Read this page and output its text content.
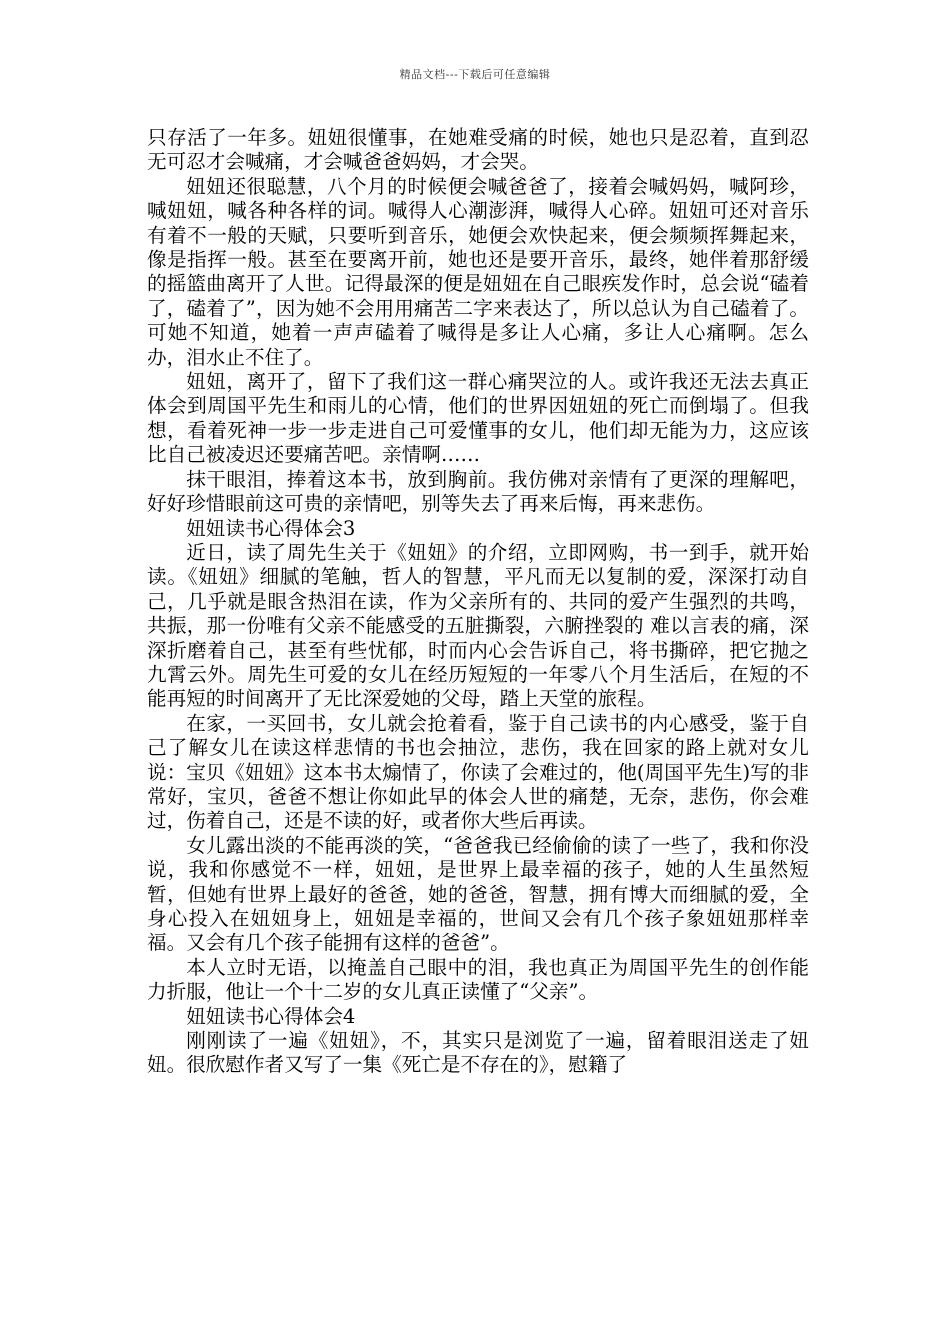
精品文档---下载后可任意编辑

只存活了一年多。妞妞很懂事，在她难受痛的时候，她也只是忍着，直到忍无可忍才会喊痛，才会喊爸爸妈妈，才会哭。

妞妞还很聪慧，八个月的时候便会喊爸爸了，接着会喊妈妈，喊阿珍，喊妞妞，喊各种各样的词。喊得人心潮澎湃，喊得人心碎。妞妞可还对音乐有着不一般的天赋，只要听到音乐，她便会欢快起来，便会频频挥舞起来，像是指挥一般。甚至在要离开前，她也还是要开音乐，最终，她伴着那舒缓的摇篮曲离开了人世。记得最深的便是妞妞在自己眼疾发作时，总会说“磕着了，磕着了”，因为她不会用用痛苦二字来表达了，所以总认为自己磕着了。可她不知道，她着一声声磕着了喊得是多让人心痛，多让人心痛啊。怎么办，泪水止不住了。

妞妞，离开了，留下了我们这一群心痛哭泣的人。或许我还无法去真正体会到周国平先生和雨儿的心情，他们的世界因妞妞的死亡而倒塌了。但我想，看着死神一步一步走进自己可爱懂事的女儿，他们却无能为力，这应该比自己被凌迟还要痛苦吧。亲情啊……

抹干眼泪，捧着这本书，放到胸前。我仿佛对亲情有了更深的理解吧，好好珍惜眼前这可贵的亲情吧，别等失去了再来后悔，再来悲伤。

妞妞读书心得体会3

近日，读了周先生关于《妞妞》的介绍，立即网购，书一到手，就开始读。《妞妞》细腻的笔触，哲人的智慧，平凡而无以复制的爱，深深打动自己，几乎就是眼含热泪在读，作为父亲所有的、共同的爱产生强烈的共鸣，共振，那一份唯有父亲不能感受的五脏撕裂，六腑挫裂的 难以言表的痛，深深折磨着自己，甚至有些忧郁，时而内心会告诉自己，将书撕碎，把它抛之九霄云外。周先生可爱的女儿在经历短短的一年零八个月生活后，在短的不能再短的时间离开了无比深爱她的父母，踏上天堂的旅程。

在家，一买回书，女儿就会抢着看，鉴于自己读书的内心感受，鉴于自己了解女儿在读这样悲情的书也会抽泣，悲伤，我在回家的路上就对女儿说：宝贝《妞妞》这本书太煽情了，你读了会难过的，他(周国平先生)写的非常好，宝贝，爸爸不想让你如此早的体会人世的痛楚，无奈，悲伤，你会难过，伤着自己，还是不读的好，或者你大些后再读。

女儿露出淡的不能再淡的笑，“爸爸我已经偷偷的读了一些了，我和你没说，我和你感觉不一样，妞妞，是世界上最幸福的孩子，她的人生虽然短暂，但她有世界上最好的爸爸，她的爸爸，智慧，拥有博大而细腻的爱，全身心投入在妞妞身上，妞妞是幸福的，世间又会有几个孩子象妞妞那样幸福。又会有几个孩子能拥有这样的爸爸”。

本人立时无语，以掩盖自己眼中的泪，我也真正为周国平先生的创作能力折服，他让一个十二岁的女儿真正读懂了“父亲”。

妞妞读书心得体会4

刚刚读了一遍《妞妞》，不，其实只是浏览了一遍，留着眼泪送走了妞妞。很欣慰作者又写了一集《死亡是不存在的》，慰籍了
